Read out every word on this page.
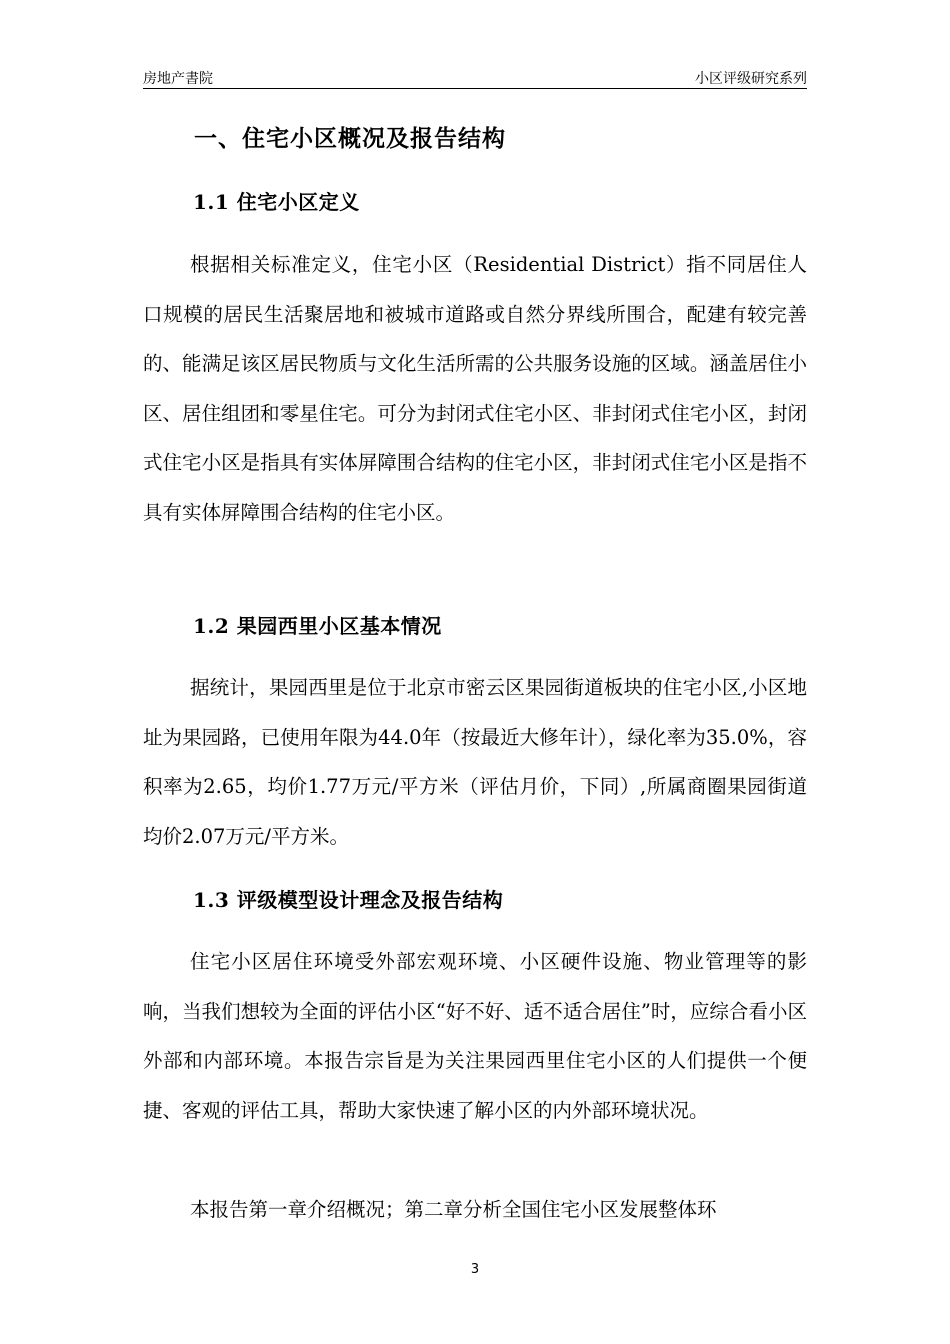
房地产書院	小区评级研究系列
一、住宅小区概况及报告结构
1.1 住宅小区定义
根据相关标准定义，住宅小区（Residential District）指不同居住人口规模的居民生活聚居地和被城市道路或自然分界线所围合，配建有较完善的、能满足该区居民物质与文化生活所需的公共服务设施的区域。涵盖居住小区、居住组团和零星住宅。可分为封闭式住宅小区、非封闭式住宅小区，封闭式住宅小区是指具有实体屏障围合结构的住宅小区，非封闭式住宅小区是指不具有实体屏障围合结构的住宅小区。
1.2 果园西里小区基本情况
据统计，果园西里是位于北京市密云区果园街道板块的住宅小区,小区地址为果园路，已使用年限为44.0年（按最近大修年计），绿化率为35.0%，容积率为2.65，均价1.77万元/平方米（评估月价，下同）,所属商圈果园街道均价2.07万元/平方米。
1.3 评级模型设计理念及报告结构
住宅小区居住环境受外部宏观环境、小区硬件设施、物业管理等的影响，当我们想较为全面的评估小区“好不好、适不适合居住”时，应综合看小区外部和内部环境。本报告宗旨是为关注果园西里住宅小区的人们提供一个便捷、客观的评估工具，帮助大家快速了解小区的内外部环境状况。
本报告第一章介绍概况；第二章分析全国住宅小区发展整体环
3
